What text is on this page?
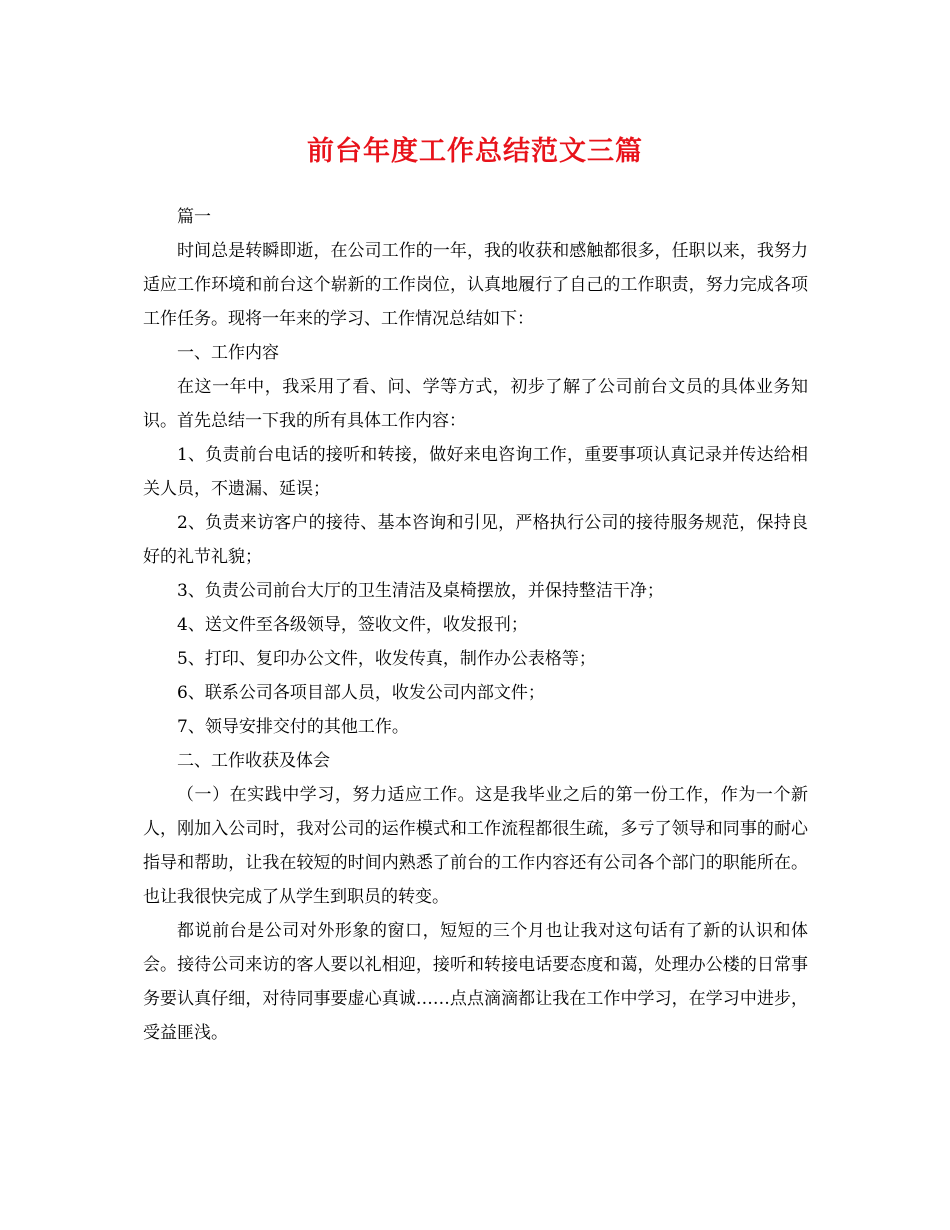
前台年度工作总结范文三篇

篇一

时间总是转瞬即逝，在公司工作的一年，我的收获和感触都很多，任职以来，我努力适应工作环境和前台这个崭新的工作岗位，认真地履行了自己的工作职责，努力完成各项工作任务。现将一年来的学习、工作情况总结如下：

一、工作内容

在这一年中，我采用了看、问、学等方式，初步了解了公司前台文员的具体业务知识。首先总结一下我的所有具体工作内容：

1、负责前台电话的接听和转接，做好来电咨询工作，重要事项认真记录并传达给相关人员，不遗漏、延误；

2、负责来访客户的接待、基本咨询和引见，严格执行公司的接待服务规范，保持良好的礼节礼貌；

3、负责公司前台大厅的卫生清洁及桌椅摆放，并保持整洁干净；

4、送文件至各级领导，签收文件，收发报刊；

5、打印、复印办公文件，收发传真，制作办公表格等；

6、联系公司各项目部人员，收发公司内部文件；

7、领导安排交付的其他工作。

二、工作收获及体会

（一）在实践中学习，努力适应工作。这是我毕业之后的第一份工作，作为一个新人，刚加入公司时，我对公司的运作模式和工作流程都很生疏，多亏了领导和同事的耐心指导和帮助，让我在较短的时间内熟悉了前台的工作内容还有公司各个部门的职能所在。也让我很快完成了从学生到职员的转变。

都说前台是公司对外形象的窗口，短短的三个月也让我对这句话有了新的认识和体会。接待公司来访的客人要以礼相迎，接听和转接电话要态度和蔼，处理办公楼的日常事务要认真仔细，对待同事要虚心真诚……点点滴滴都让我在工作中学习，在学习中进步，受益匪浅。
